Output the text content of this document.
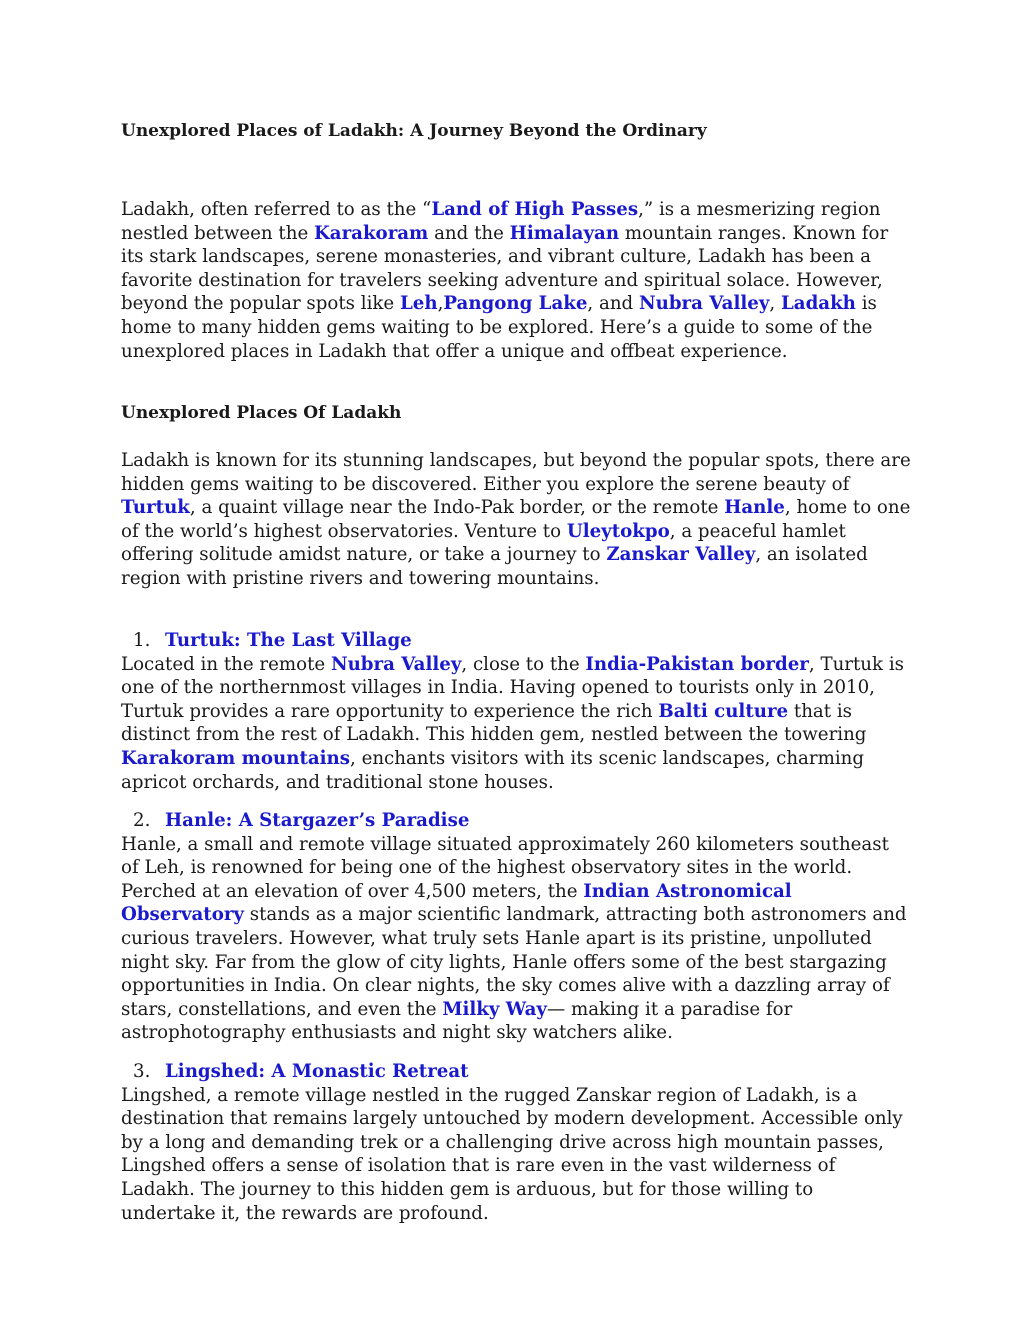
Unexplored Places of Ladakh: A Journey Beyond the Ordinary

Ladakh, often referred to as the “Land of High Passes,” is a mesmerizing region nestled between the Karakoram and the Himalayan mountain ranges. Known for its stark landscapes, serene monasteries, and vibrant culture, Ladakh has been a favorite destination for travelers seeking adventure and spiritual solace. However, beyond the popular spots like Leh,Pangong Lake, and Nubra Valley, Ladakh is home to many hidden gems waiting to be explored. Here’s a guide to some of the unexplored places in Ladakh that offer a unique and offbeat experience.

Unexplored Places Of Ladakh

Ladakh is known for its stunning landscapes, but beyond the popular spots, there are hidden gems waiting to be discovered. Either you explore the serene beauty of Turtuk, a quaint village near the Indo-Pak border, or the remote Hanle, home to one of the world’s highest observatories. Venture to Uleytokpo, a peaceful hamlet offering solitude amidst nature, or take a journey to Zanskar Valley, an isolated region with pristine rivers and towering mountains.

1. Turtuk: The Last Village
Located in the remote Nubra Valley, close to the India-Pakistan border, Turtuk is one of the northernmost villages in India. Having opened to tourists only in 2010, Turtuk provides a rare opportunity to experience the rich Balti culture that is distinct from the rest of Ladakh. This hidden gem, nestled between the towering Karakoram mountains, enchants visitors with its scenic landscapes, charming apricot orchards, and traditional stone houses.

2. Hanle: A Stargazer’s Paradise
Hanle, a small and remote village situated approximately 260 kilometers southeast of Leh, is renowned for being one of the highest observatory sites in the world. Perched at an elevation of over 4,500 meters, the Indian Astronomical Observatory stands as a major scientific landmark, attracting both astronomers and curious travelers. However, what truly sets Hanle apart is its pristine, unpolluted night sky. Far from the glow of city lights, Hanle offers some of the best stargazing opportunities in India. On clear nights, the sky comes alive with a dazzling array of stars, constellations, and even the Milky Way— making it a paradise for astrophotography enthusiasts and night sky watchers alike.

3. Lingshed: A Monastic Retreat
Lingshed, a remote village nestled in the rugged Zanskar region of Ladakh, is a destination that remains largely untouched by modern development. Accessible only by a long and demanding trek or a challenging drive across high mountain passes, Lingshed offers a sense of isolation that is rare even in the vast wilderness of Ladakh. The journey to this hidden gem is arduous, but for those willing to undertake it, the rewards are profound.
